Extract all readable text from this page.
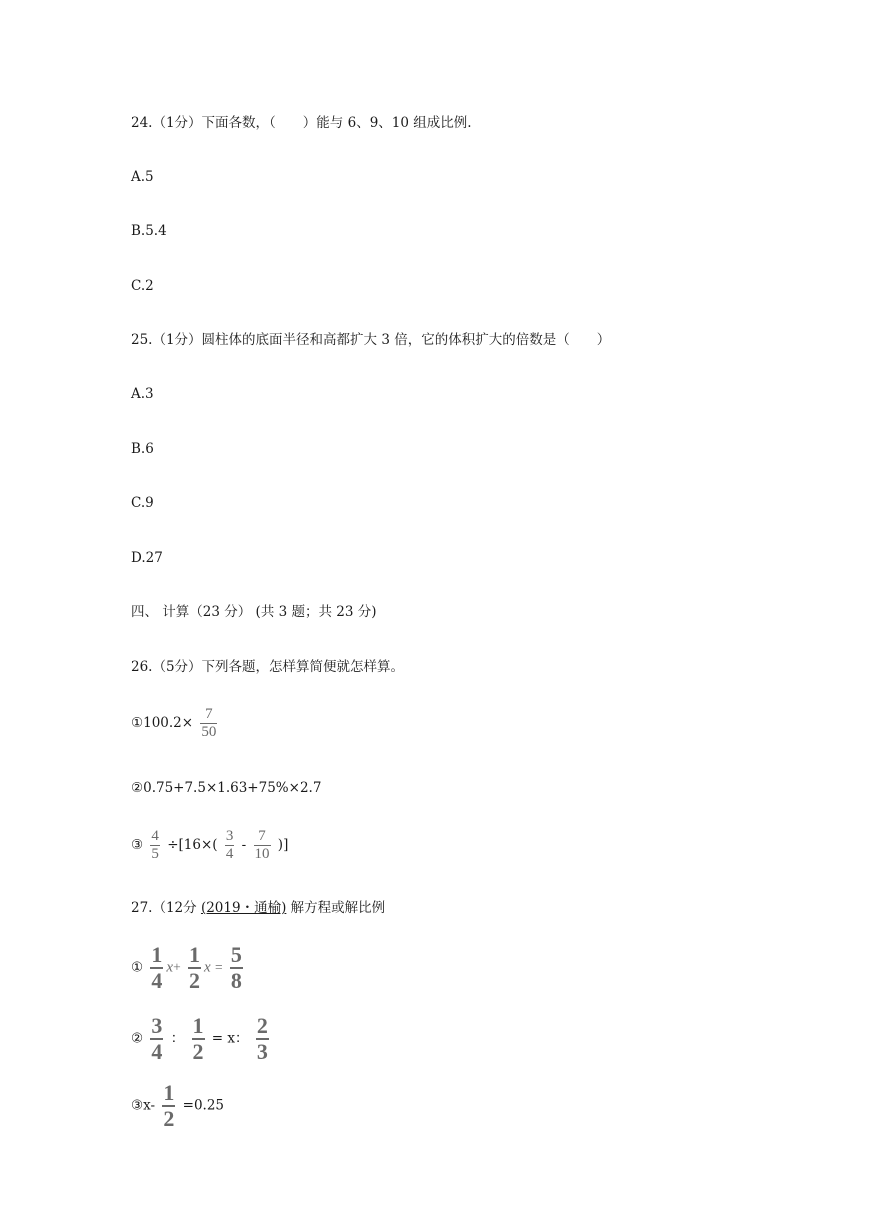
24.（1分）下面各数，（　　）能与 6、9、10 组成比例.
A.5
B.5.4
C.2
25.（1分）圆柱体的底面半径和高都扩大 3 倍，它的体积扩大的倍数是（　　）
A.3
B.6
C.9
D.27
四、 计算（23 分） (共 3 题；共 23 分)
26.（5分）下列各题，怎样算简便就怎样算。
①100.2× $\frac{7}{50}$
②0.75+7.5×1.63+75%×2.7
③ $\frac{4}{5} \div[16\times( \frac{3}{4} - \frac{7}{10}$ )]
27.（12分 (2019・通榆) 解方程或解比例
① $\frac{1}{4} x+ \frac{1}{2}$ $x = \frac{5}{8}$
② $\frac{3}{4}$ ： $\frac{1}{2} = x$： $\frac{2}{3}$
③x- $\frac{1}{2} =0.25$
